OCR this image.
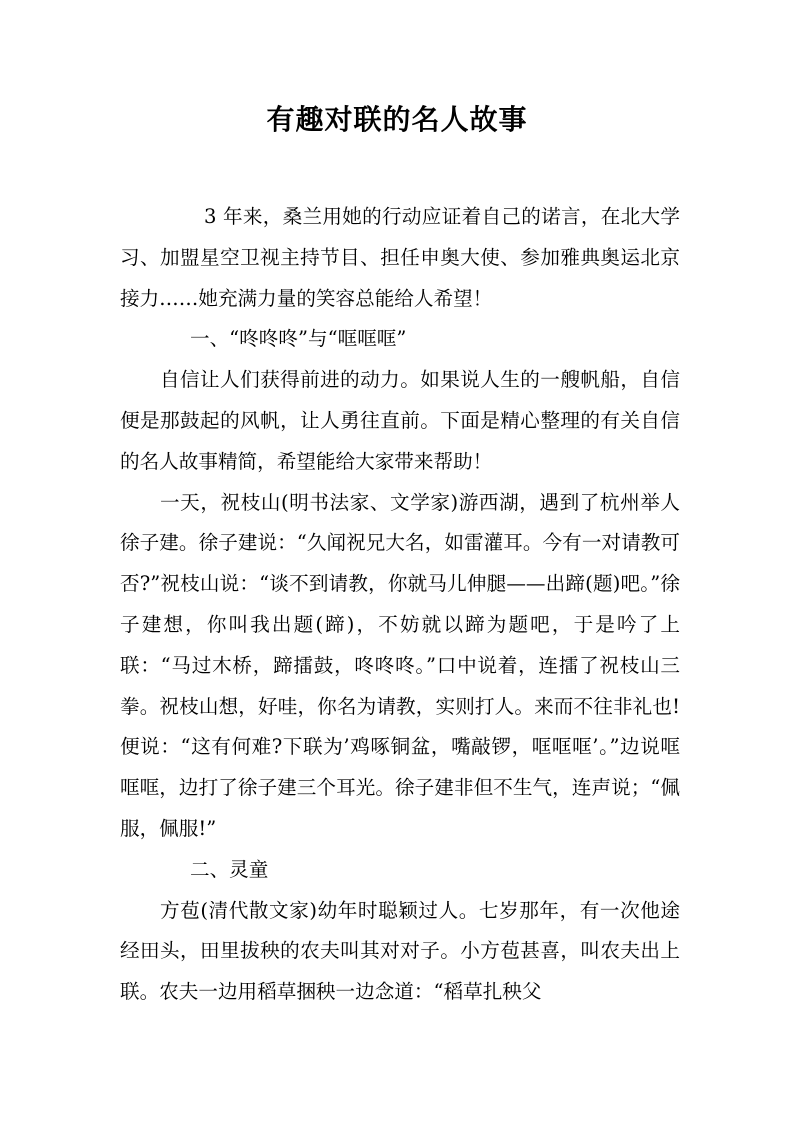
有趣对联的名人故事

3 年来，桑兰用她的行动应证着自己的诺言，在北大学习、加盟星空卫视主持节目、担任申奥大使、参加雅典奥运北京接力……她充满力量的笑容总能给人希望！

一、“咚咚咚”与“哐哐哐”

自信让人们获得前进的动力。如果说人生的一艘帆船，自信便是那鼓起的风帆，让人勇往直前。下面是精心整理的有关自信的名人故事精简，希望能给大家带来帮助！

一天，祝枝山(明书法家、文学家)游西湖，遇到了杭州举人徐子建。徐子建说：“久闻祝兄大名，如雷灌耳。今有一对请教可否?”祝枝山说：“谈不到请教，你就马儿伸腿——出蹄(题)吧。”徐子建想，你叫我出题(蹄)，不妨就以蹄为题吧，于是吟了上联：“马过木桥，蹄擂鼓，咚咚咚。”口中说着，连擂了祝枝山三拳。祝枝山想，好哇，你名为请教，实则打人。来而不往非礼也!便说：“这有何难?下联为’鸡啄铜盆，嘴敲锣，哐哐哐’。”边说哐哐哐，边打了徐子建三个耳光。徐子建非但不生气，连声说；“佩服，佩服!”

二、灵童

方苞(清代散文家)幼年时聪颖过人。七岁那年，有一次他途经田头，田里拔秧的农夫叫其对对子。小方苞甚喜，叫农夫出上联。农夫一边用稻草捆秧一边念道：“稻草扎秧父
